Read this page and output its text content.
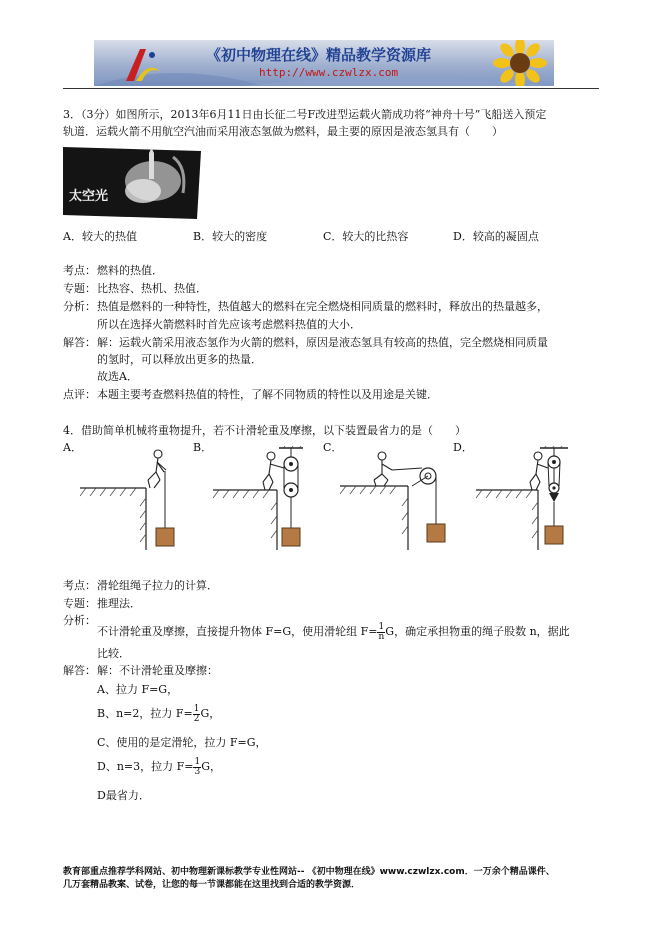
《初中物理在线》精品教学资源库
http://www.czwlzx.com
3．（3分）如图所示，2013年6月11日由长征二号F改进型运载火箭成功将“神舟十号”飞船送入预定
轨道．运载火箭不用航空汽油而采用液态氢做为燃料，最主要的原因是液态氢具有（　　）
太空光
A．较大的热值	B．较大的密度	C．较大的比热容	D．较高的凝固点
考点： 燃料的热值．
专题： 比热容、热机、热值．
分析： 热值是燃料的一种特性，热值越大的燃料在完全燃烧相同质量的燃料时，释放出的热量越多，
所以在选择火箭燃料时首先应该考虑燃料热值的大小．
解答： 解：运载火箭采用液态氢作为火箭的燃料，原因是液态氢具有较高的热值，完全燃烧相同质量
的氢时，可以释放出更多的热量．
故选A．
点评： 本题主要考查燃料热值的特性，了解不同物质的特性以及用途是关键．
4．借助简单机械将重物提升，若不计滑轮重及摩擦，以下装置最省力的是（　　）
A．	B．	C．	D．
考点： 滑轮组绳子拉力的计算．
专题： 推理法．
分析：
不计滑轮重及摩擦，直接提升物体 F=G，使用滑轮组 $F= \frac{1}{n}$ G，确定承担物重的绳子股数 n，据此
比较．
解答： 解：不计滑轮重及摩擦：
A、拉力 F=G，
B、n=2，拉力 $F= \frac{1}{2}$ G，
C、使用的是定滑轮，拉力 F=G，
D、n=3，拉力 $F= \frac{1}{3}$ G，
D最省力．
教育部重点推荐学科网站、初中物理新课标教学专业性网站-- 《初中物理在线》www.czwlzx.com．一万余个精品课件、
几万套精品教案、试卷，让您的每一节课都能在这里找到合适的教学资源．
